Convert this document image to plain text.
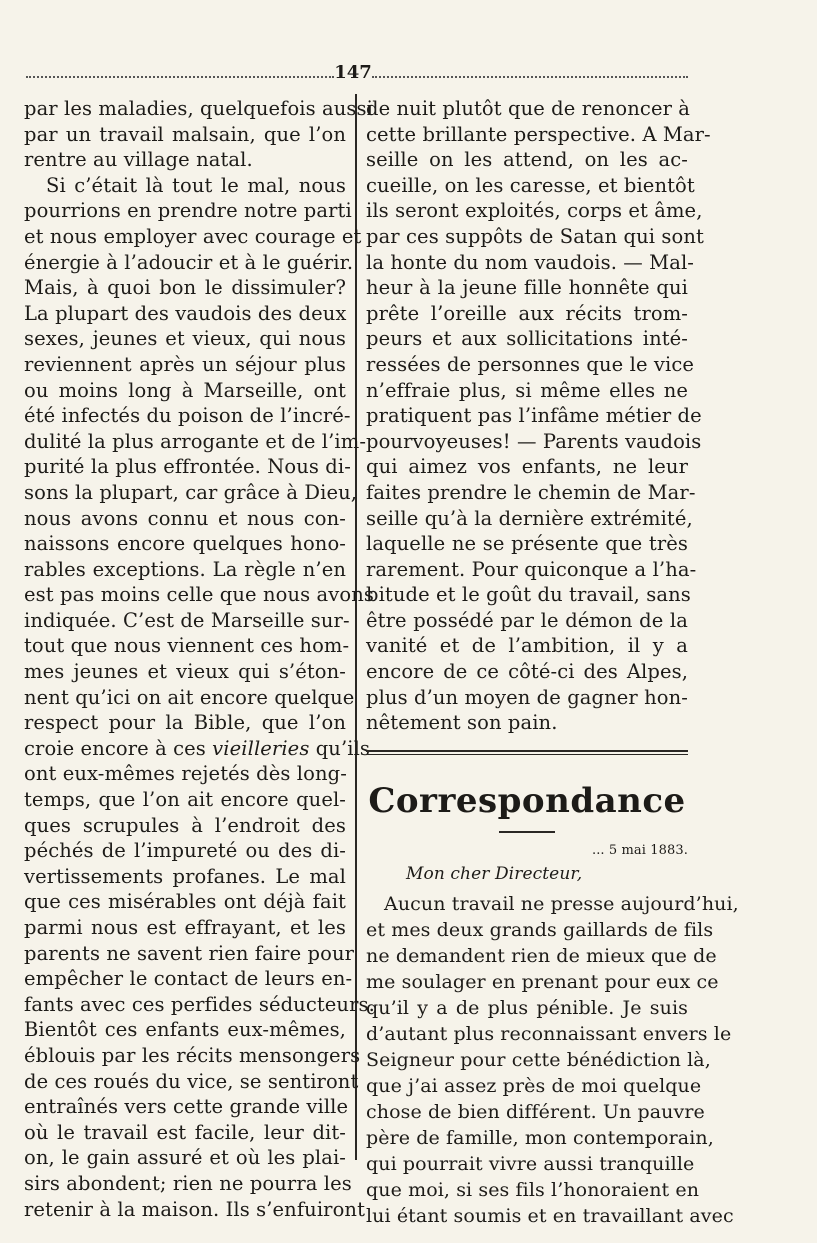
147
par les maladies, quelquefois aussi
par un travail malsain, que l’on
rentre au village natal.
Si c’était là tout le mal, nous
pourrions en prendre notre parti
et nous employer avec courage et
énergie à l’adoucir et à le guérir.
Mais, à quoi bon le dissimuler?
La plupart des vaudois des deux
sexes, jeunes et vieux, qui nous
reviennent après un séjour plus
ou moins long à Marseille, ont
été infectés du poison de l’incré-
dulité la plus arrogante et de l’im-
purité la plus effrontée. Nous di-
sons la plupart, car grâce à Dieu,
nous avons connu et nous con-
naissons encore quelques hono-
rables exceptions. La règle n’en
est pas moins celle que nous avons
indiquée. C’est de Marseille sur-
tout que nous viennent ces hom-
mes jeunes et vieux qui s’éton-
nent qu’ici on ait encore quelque
respect pour la Bible, que l’on
croie encore à ces vieilleries qu’ils
ont eux-mêmes rejetés dès long-
temps, que l’on ait encore quel-
ques scrupules à l’endroit des
péchés de l’impureté ou des di-
vertissements profanes. Le mal
que ces misérables ont déjà fait
parmi nous est effrayant, et les
parents ne savent rien faire pour
empêcher le contact de leurs en-
fants avec ces perfides séducteurs.
Bientôt ces enfants eux-mêmes,
éblouis par les récits mensongers
de ces roués du vice, se sentiront
entraînés vers cette grande ville
où le travail est facile, leur dit-
on, le gain assuré et où les plai-
sirs abondent; rien ne pourra les
retenir à la maison. Ils s’enfuiront
de nuit plutôt que de renoncer à
cette brillante perspective. A Mar-
seille on les attend, on les ac-
cueille, on les caresse, et bientôt
ils seront exploités, corps et âme,
par ces suppôts de Satan qui sont
la honte du nom vaudois. — Mal-
heur à la jeune fille honnête qui
prête l’oreille aux récits trom-
peurs et aux sollicitations inté-
ressées de personnes que le vice
n’effraie plus, si même elles ne
pratiquent pas l’infâme métier de
pourvoyeuses! — Parents vaudois
qui aimez vos enfants, ne leur
faites prendre le chemin de Mar-
seille qu’à la dernière extrémité,
laquelle ne se présente que très
rarement. Pour quiconque a l’ha-
bitude et le goût du travail, sans
être possédé par le démon de la
vanité et de l’ambition, il y a
encore de ce côté-ci des Alpes,
plus d’un moyen de gagner hon-
nêtement son pain.
Correspondance
... 5 mai 1883.
Mon cher Directeur,
Aucun travail ne presse aujourd’hui,
et mes deux grands gaillards de fils
ne demandent rien de mieux que de
me soulager en prenant pour eux ce
qu’il y a de plus pénible. Je suis
d’autant plus reconnaissant envers le
Seigneur pour cette bénédiction là,
que j’ai assez près de moi quelque
chose de bien différent. Un pauvre
père de famille, mon contemporain,
qui pourrait vivre aussi tranquille
que moi, si ses fils l’honoraient en
lui étant soumis et en travaillant avec
